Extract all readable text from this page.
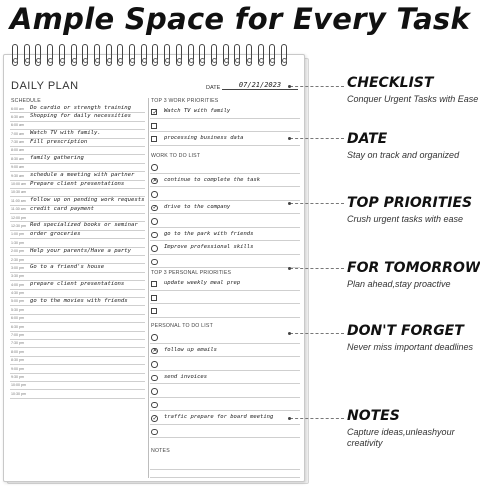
Ample Space for Every Task
DAILY PLAN	DATE	07/21/2023
SCHEDULE
6:00 am Do cardio or strength training
6:30 am Shopping for daily necessities
6:00 am
7:00 am Watch TV with family.
7:30 am Fill prescription
8:00 am
8:30 am family gathering
9:00 am
9:30 am schedule a meeting with partner
10:00 am Prepare client presentations
10:30 am
11:00 am follow up on pending work requests
11:30 am credit card payment
12:00 pm
12:30 pm Red specialized books or seminar
1:00 pm order groceries
1:30 pm
2:00 pm Help your parents/Have a party
2:30 pm
3:00 pm Go to a friend's house
3:30 pm
4:00 pm prepare client presentations
4:30 pm
5:00 pm go to the movies with friends
5:30 pm
6:00 pm
6:30 pm
7:00 pm
7:30 pm
8:00 pm
8:30 pm
9:00 pm
9:30 pm
10:00 pm
10:30 pm
TOP 3 WORK PRIORITIES
✓ Watch TV with family
processing business data
WORK TO DO LIST
✕ continue to complete the task
✓ drive to the company
go to the park with friends
Improve professional skills
TOP 3 PERSONAL PRIORITIES
update weekly meal prep
PERSONAL TO DO LIST
✕ follow up emails
send invoices
✓ traffic prepare for board meeting
NOTES
CHECKLIST
Conquer Urgent Tasks with Ease
DATE
Stay on track and organized
TOP PRIORITIES
Crush urgent tasks with ease
FOR TOMORROW
Plan ahead,stay proactive
DON'T FORGET
Never miss important deadlines
NOTES
Capture ideas,unleashyour creativity
